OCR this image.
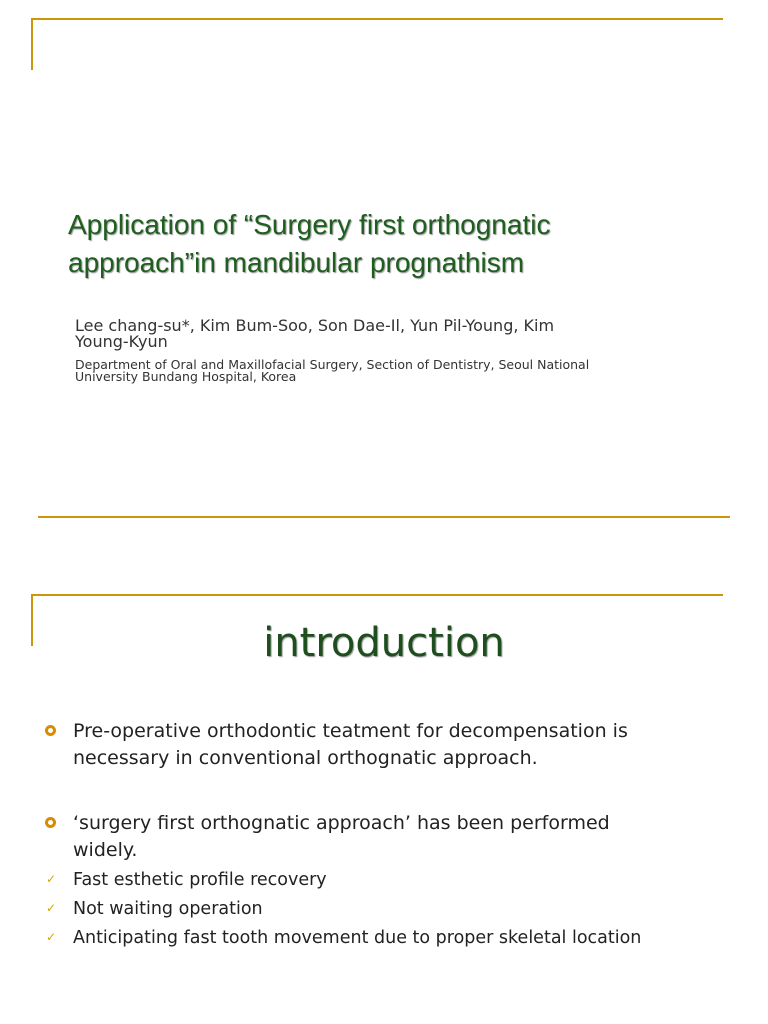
Application of “Surgery first orthognatic
approach”in mandibular prognathism

Lee chang-su*, Kim Bum-Soo, Son Dae-Il, Yun Pil-Young, Kim
Young-Kyun

Department of Oral and Maxillofacial Surgery, Section of Dentistry, Seoul National
University Bundang Hospital, Korea

introduction
Pre-operative orthodontic teatment for decompensation is
necessary in conventional orthognatic approach.
‘surgery first orthognatic approach’ has been performed
widely.
✓ Fast esthetic profile recovery
✓ Not waiting operation
✓ Anticipating fast tooth movement due to proper skeletal location
